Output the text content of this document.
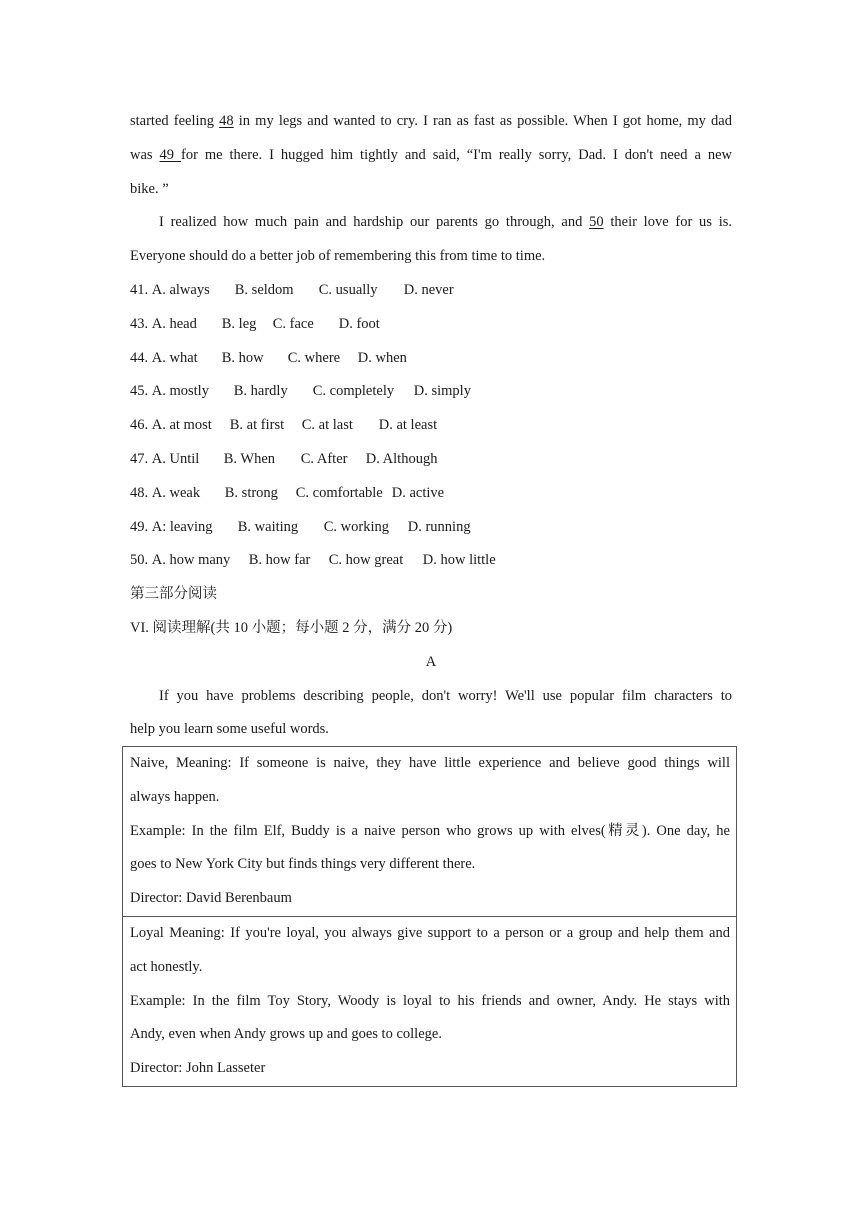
started feeling 48 in my legs and wanted to cry. I ran as fast as possible. When I got home, my dad
was 49 for me there. I hugged him tightly and said, “I'm really sorry, Dad. I don't need a new
bike. ”
I realized how much pain and hardship our parents go through, and 50 their love for us is.
Everyone should do a better job of remembering this from time to time.
41. A. always B. seldom C. usually D. never
43. A. head B. leg C. face D. foot
44. A. what B. how C. where D. when
45. A. mostly B. hardly C. completely D. simply
46. A. at most B. at first C. at last D. at least
47. A. Until B. When C. After D. Although
48. A. weak B. strong C. comfortable D. active
49. A: leaving B. waiting C. working D. running
50. A. how many B. how far C. how great D. how little
第三部分阅读
VI. 阅读理解(共 10 小题；每小题 2 分，满分 20 分)
A
If you have problems describing people, don't worry! We'll use popular film characters to
help you learn some useful words.
Naive, Meaning: If someone is naive, they have little experience and believe good things will
always happen.
Example: In the film Elf, Buddy is a naive person who grows up with elves(精灵). One day, he
goes to New York City but finds things very different there.
Director: David Berenbaum
Loyal Meaning: If you're loyal, you always give support to a person or a group and help them and
act honestly.
Example: In the film Toy Story, Woody is loyal to his friends and owner, Andy. He stays with
Andy, even when Andy grows up and goes to college.
Director: John Lasseter
